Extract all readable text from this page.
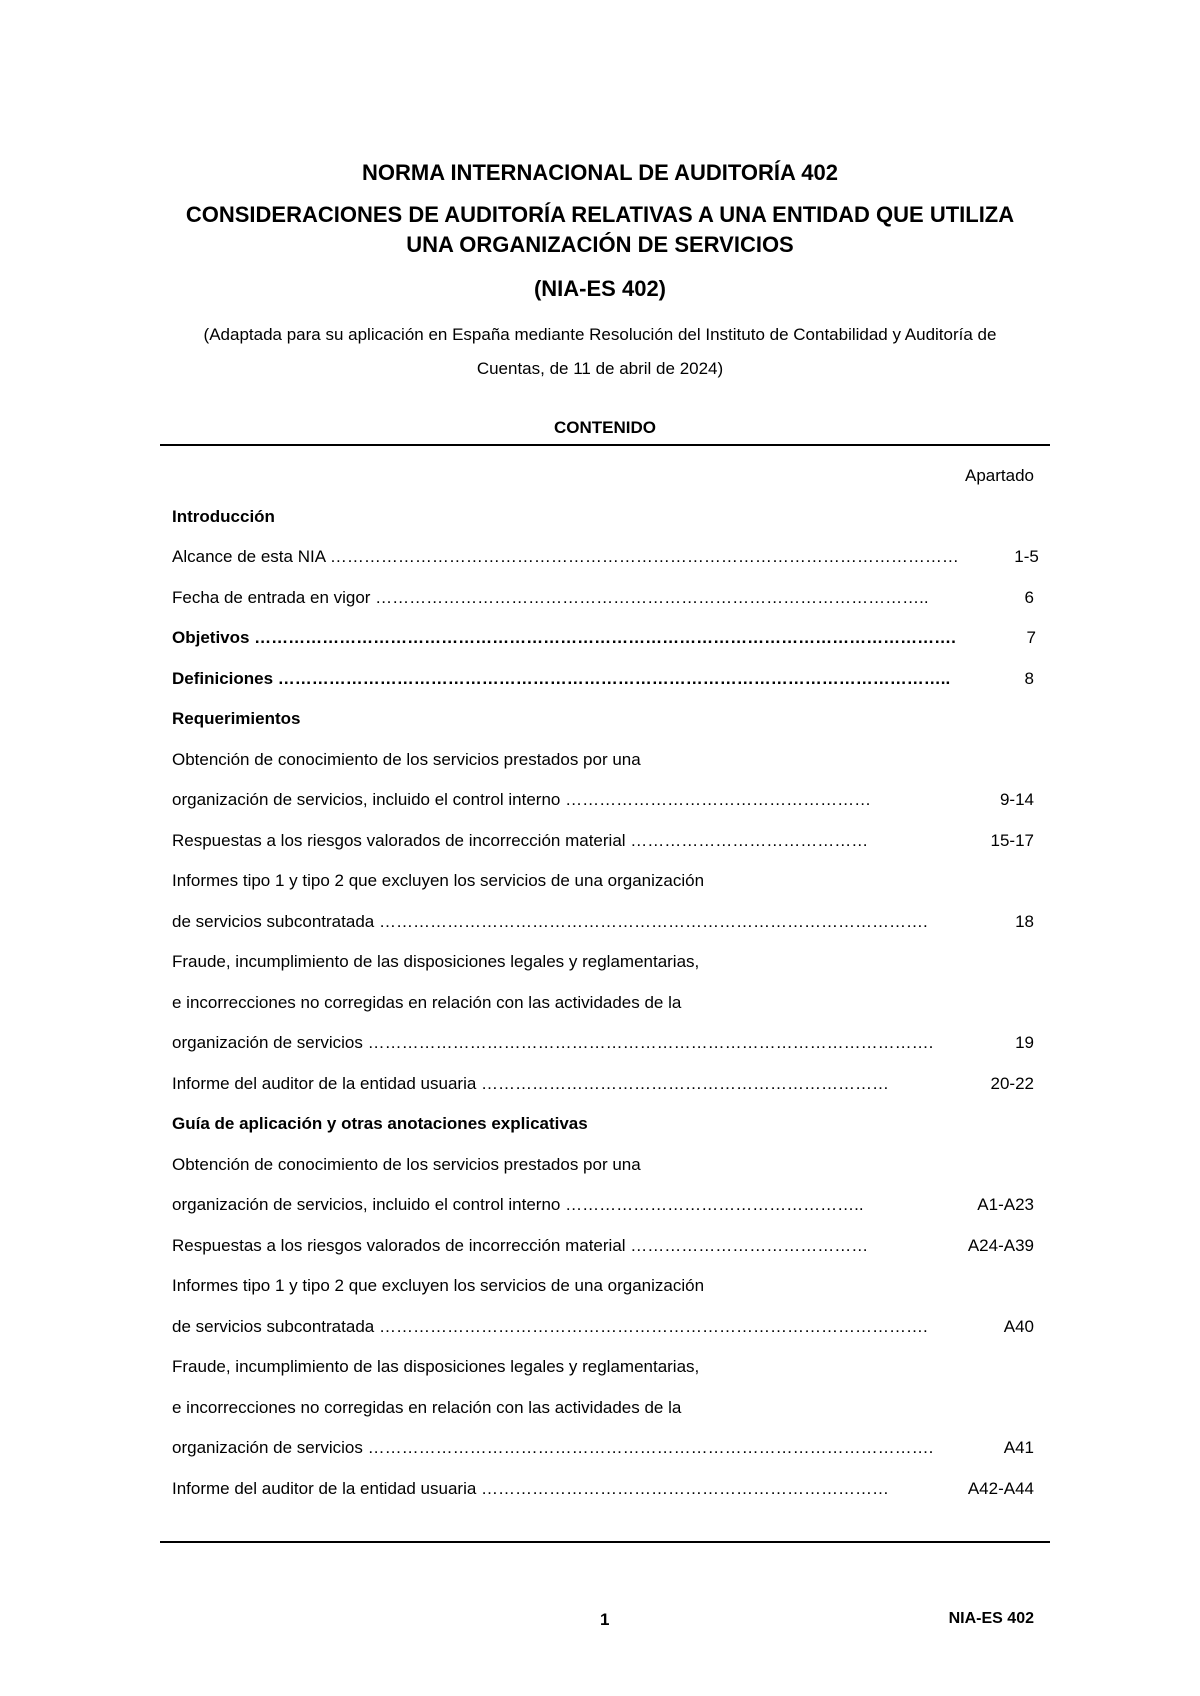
NORMA INTERNACIONAL DE AUDITORÍA 402
CONSIDERACIONES DE AUDITORÍA RELATIVAS A UNA ENTIDAD QUE UTILIZA UNA ORGANIZACIÓN DE SERVICIOS
(NIA-ES 402)
(Adaptada para su aplicación en España mediante Resolución del Instituto de Contabilidad y Auditoría de Cuentas, de 11 de abril de 2024)
CONTENIDO
Apartado
Introducción
Alcance de esta NIA …………………………………………………………………………………………………	1-5
Fecha de entrada en vigor ……………………………………………………………………………………..	6
Objetivos …………………………………………………………………………………………………………….	7
Definiciones ………………………………………………………………………………………………………..	8
Requerimientos
Obtención de conocimiento de los servicios prestados por una
organización de servicios, incluido el control interno ………………………………………………	9-14
Respuestas a los riesgos valorados de incorrección material ……………………………………	15-17
Informes tipo 1 y tipo 2 que excluyen los servicios de una organización
de servicios subcontratada …………………………………………………………………………………….	18
Fraude, incumplimiento de las disposiciones legales y reglamentarias,
e incorrecciones no corregidas en relación con las actividades de la
organización de servicios ……………………………………………………………………………………….	19
Informe del auditor de la entidad usuaria ………………………………………………………………	20-22
Guía de aplicación y otras anotaciones explicativas
Obtención de conocimiento de los servicios prestados por una
organización de servicios, incluido el control interno ……………………………………………..	A1-A23
Respuestas a los riesgos valorados de incorrección material ……………………………………	A24-A39
Informes tipo 1 y tipo 2 que excluyen los servicios de una organización
de servicios subcontratada …………………………………………………………………………………….	A40
Fraude, incumplimiento de las disposiciones legales y reglamentarias,
e incorrecciones no corregidas en relación con las actividades de la
organización de servicios ……………………………………………………………………………………….	A41
Informe del auditor de la entidad usuaria ………………………………………………………………	A42-A44
1	NIA-ES 402
